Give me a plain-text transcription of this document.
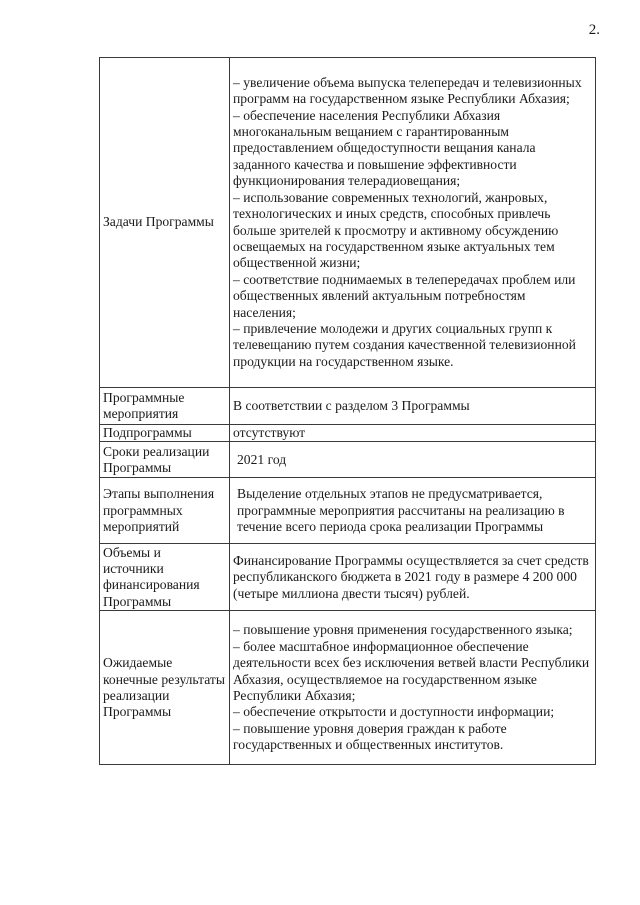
2.
Задачи Программы	– увеличение объема выпуска телепередач и телевизионных программ на государственном языке Республики Абхазия;
– обеспечение населения Республики Абхазия многоканальным вещанием с гарантированным предоставлением общедоступности вещания канала заданного качества и повышение эффективности функционирования телерадиовещания;
– использование современных технологий, жанровых, технологических и иных средств, способных привлечь больше зрителей к просмотру и активному обсуждению освещаемых на государственном языке актуальных тем общественной жизни;
– соответствие поднимаемых в телепередачах проблем или общественных явлений актуальным потребностям населения;
– привлечение молодежи и других социальных групп к телевещанию путем создания качественной телевизионной продукции на государственном языке.

Программные мероприятия	В соответствии с разделом 3 Программы
Подпрограммы	отсутствуют
Сроки реализации Программы	2021 год
Этапы выполнения программных мероприятий	Выделение отдельных этапов не предусматривается, программные мероприятия рассчитаны на реализацию в течение всего периода срока реализации Программы
Объемы и источники финансирования Программы	Финансирование Программы осуществляется за счет средств республиканского бюджета в 2021 году в размере 4 200 000 (четыре миллиона двести тысяч) рублей.
Ожидаемые конечные результаты реализации Программы	– повышение уровня применения государственного языка;
– более масштабное информационное обеспечение деятельности всех без исключения ветвей власти Республики Абхазия, осуществляемое на государственном языке Республики Абхазия;
– обеспечение открытости и доступности информации;
– повышение уровня доверия граждан к работе государственных и общественных институтов.
